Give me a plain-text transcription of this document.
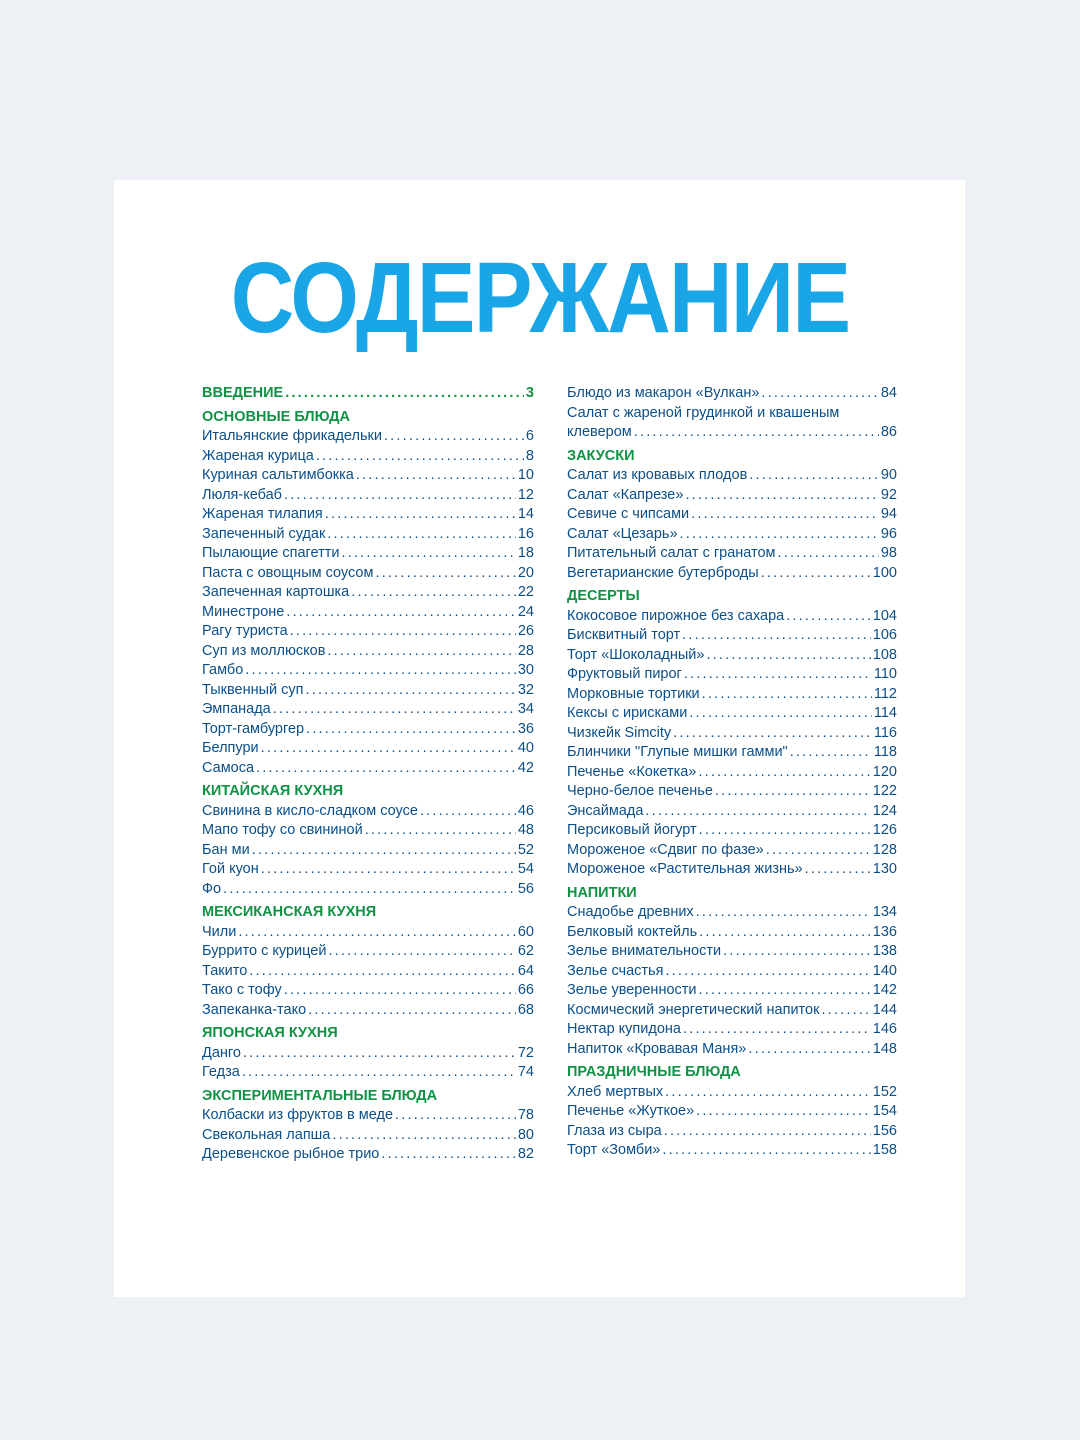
СОДЕРЖАНИЕ
ВВЕДЕНИЕ .....	3
ОСНОВНЫЕ БЛЮДА
Итальянские фрикадельки .....	6
Жареная курица .....	8
Куриная сальтимбокка .....	10
Люля-кебаб .....	12
Жареная тилапия .....	14
Запеченный судак .....	16
Пылающие спагетти .....	18
Паста с овощным соусом .....	20
Запеченная картошка .....	22
Минестроне .....	24
Рагу туриста .....	26
Суп из моллюсков .....	28
Гамбо .....	30
Тыквенный суп .....	32
Эмпанада .....	34
Торт-гамбургер .....	36
Белпури .....	40
Самоса .....	42
КИТАЙСКАЯ КУХНЯ
Свинина в кисло-сладком соусе .....	46
Мапо тофу со свининой .....	48
Бан ми .....	52
Гой куон .....	54
Фо .....	56
МЕКСИКАНСКАЯ КУХНЯ
Чили .....	60
Буррито с курицей .....	62
Такито .....	64
Тако с тофу .....	66
Запеканка-тако .....	68
ЯПОНСКАЯ КУХНЯ
Данго .....	72
Гедза .....	74
ЭКСПЕРИМЕНТАЛЬНЫЕ БЛЮДА
Колбаски из фруктов в меде .....	78
Свекольная лапша .....	80
Деревенское рыбное трио .....	82
Блюдо из макарон «Вулкан» .....	84
Салат с жареной грудинкой и квашеным
клевером .....	86
ЗАКУСКИ
Салат из кровавых плодов .....	90
Салат «Капрезе» .....	92
Севиче с чипсами .....	94
Салат «Цезарь» .....	96
Питательный салат с гранатом .....	98
Вегетарианские бутерброды .....	100
ДЕСЕРТЫ
Кокосовое пирожное без сахара .....	104
Бисквитный торт .....	106
Торт «Шоколадный» .....	108
Фруктовый пирог .....	110
Морковные тортики .....	112
Кексы с ирисками .....	114
Чизкейк Simcity .....	116
Блинчики "Глупые мишки гамми" .....	118
Печенье «Кокетка» .....	120
Черно-белое печенье .....	122
Энсаймада .....	124
Персиковый йогурт .....	126
Мороженое «Сдвиг по фазе» .....	128
Мороженое «Растительная жизнь» .....	130
НАПИТКИ
Снадобье древних .....	134
Белковый коктейль .....	136
Зелье внимательности .....	138
Зелье счастья .....	140
Зелье уверенности .....	142
Космический энергетический напиток .....	144
Нектар купидона .....	146
Напиток «Кровавая Маня» .....	148
ПРАЗДНИЧНЫЕ БЛЮДА
Хлеб мертвых .....	152
Печенье «Жуткое» .....	154
Глаза из сыра .....	156
Торт «Зомби» .....	158
